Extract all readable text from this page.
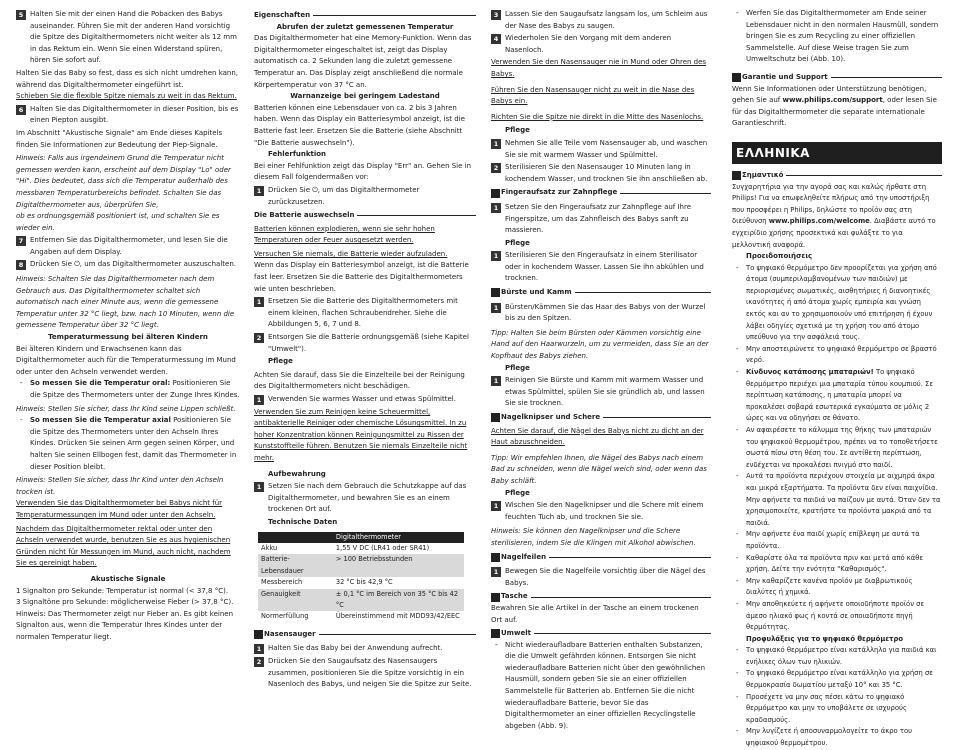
5 Halten Sie mit der einen Hand die Pobacken des Babys auseinander. Führen Sie mit der anderen Hand vorsichtig die Spitze des Digitalthermometers nicht weiter als 12 mm in das Rektum ein. Wenn Sie einen Widerstand spüren, hören Sie sofort auf.
Halten Sie das Baby so fest, dass es sich nicht umdrehen kann, während das Digitalthermometer eingeführt ist.
Schieben Sie die flexible Spitze niemals zu weit in das Rektum.
6 Halten Sie das Digitalthermometer in dieser Position, bis es einen Piepton ausgibt.
Im Abschnitt "Akustische Signale" am Ende dieses Kapitels finden Sie Informationen zur Bedeutung der Piep-Signale.
Hinweis: Falls aus irgendeinem Grund die Temperatur nicht gemessen werden kann, erscheint auf dem Display "Lo" oder "Hi". Dies bedeutet, dass sich die Temperatur außerhalb des messbaren Temperaturbereichs befindet. Schalten Sie das Digitalthermometer aus, überprüfen Sie,
ob es ordnungsgemäß positioniert ist, und schalten Sie es wieder ein.
7 Entfernen Sie das Digitalthermometer, und lesen Sie die Angaben auf dem Display.
8 Drücken Sie ⏻, um das Digitalthermometer auszuschalten.
Hinweis: Schalten Sie das Digitalthermometer nach dem Gebrauch aus. Das Digitalthermometer schaltet sich automatisch nach einer Minute aus, wenn die gemessene Temperatur unter 32 °C liegt, bzw. nach 10 Minuten, wenn die gemessene Temperatur über 32 °C liegt.
Temperaturmessung bei älteren Kindern
Bei älteren Kindern und Erwachsenen kann das Digitalthermometer auch für die Temperaturmessung im Mund oder unter den Achseln verwendet werden.
-	So messen Sie die Temperatur oral: Positionieren Sie die Spitze des Thermometers unter der Zunge Ihres Kindes.
Hinweis: Stellen Sie sicher, dass Ihr Kind seine Lippen schließt.
-	So messen Sie die Temperatur axial Positionieren Sie die Spitze des Thermometers unter den Achseln Ihres Kindes. Drücken Sie seinen Arm gegen seinen Körper, und halten Sie seinen Ellbogen fest, damit das Thermometer in dieser Position bleibt.
Hinweis: Stellen Sie sicher, dass Ihr Kind unter den Achseln trocken ist.
Verwenden Sie das Digitalthermometer bei Babys nicht für Temperaturmessungen im Mund oder unter den Achseln.
Nachdem das Digitalthermometer rektal oder unter den Achseln verwendet wurde, benutzen Sie es aus hygienischen Gründen nicht für Messungen im Mund, auch nicht, nachdem Sie es gereinigt haben.
Akustische Signale
1 Signalton pro Sekunde: Temperatur ist normal (< 37,8 °C).
3 Signaltöne pro Sekunde: möglicherweise Fieber (> 37,8 °C).
Hinweis: Das Thermometer zeigt nur Fieber an. Es gibt keinen Signalton aus, wenn die Temperatur Ihres Kindes unter der normalen Temperatur liegt.
Eigenschaften
Abrufen der zuletzt gemessenen Temperatur
Das Digitalthermometer hat eine Memory-Funktion. Wenn das Digitalthermometer eingeschaltet ist, zeigt das Display automatisch ca. 2 Sekunden lang die zuletzt gemessene Temperatur an. Das Display zeigt anschließend die normale Körpertemperatur von 37 °C an.
Warnanzeige bei geringem Ladestand
Batterien können eine Lebensdauer von ca. 2 bis 3 Jahren haben. Wenn das Display ein Batteriesymbol anzeigt, ist die Batterie fast leer. Ersetzen Sie die Batterie (siehe Abschnitt "Die Batterie auswechseln").
Fehlerfunktion
Bei einer Fehlfunktion zeigt das Display "Err" an. Gehen Sie in diesem Fall folgendermaßen vor:
1 Drücken Sie ⏻, um das Digitalthermometer zurückzusetzen.
Die Batterie auswechseln
Batterien können explodieren, wenn sie sehr hohen Temperaturen oder Feuer ausgesetzt werden.
Versuchen Sie niemals, die Batterie wieder aufzuladen.
Wenn das Display ein Batteriesymbol anzeigt, ist die Batterie fast leer. Ersetzen Sie die Batterie des Digitalthermometers wie unten beschrieben.
1 Ersetzen Sie die Batterie des Digitalthermometers mit einem kleinen, flachen Schraubendreher. Siehe die Abbildungen 5, 6, 7 und 8.
2 Entsorgen Sie die Batterie ordnungsgemäß (siehe Kapitel "Umwelt").
Pflege
Achten Sie darauf, dass Sie die Einzelteile bei der Reinigung des Digitalthermometers nicht beschädigen.
1 Verwenden Sie warmes Wasser und etwas Spülmittel.
Verwenden Sie zum Reinigen keine Scheuermittel, antibakterielle Reiniger oder chemische Lösungsmittel. In zu hoher Konzentration können Reinigungsmittel zu Rissen der Kunststoffteile führen. Benutzen Sie niemals Einzelteile nicht mehr.
Aufbewahrung
1 Setzen Sie nach dem Gebrauch die Schutzkappe auf das Digitalthermometer, und bewahren Sie es an einem trockenen Ort auf.
Technische Daten
	Digitalthermometer
Akku	1,55 V DC (LR41 oder SR41)
Batterie-Lebensdauer	> 100 Betriebsstunden
Messbereich	32 °C bis 42,9 °C
Genauigkeit	± 0,1 °C im Bereich von 35 °C bis 42 °C
Normerfüllung	Übereinstimmend mit MDD93/42/EEC
Nasensauger
1 Halten Sie das Baby bei der Anwendung aufrecht.
2 Drücken Sie den Saugaufsatz des Nasensaugers zusammen, positionieren Sie die Spitze vorsichtig in ein Nasenloch des Babys, und neigen Sie die Spitze zur Seite.
3 Lassen Sie den Saugaufsatz langsam los, um Schleim aus der Nase des Babys zu saugen.
4 Wiederholen Sie den Vorgang mit dem anderen Nasenloch.
Verwenden Sie den Nasensauger nie in Mund oder Ohren des Babys.
Führen Sie den Nasensauger nicht zu weit in die Nase des Babys ein.
Richten Sie die Spitze nie direkt in die Mitte des Nasenlochs.
Pflege
1 Nehmen Sie alle Teile vom Nasensauger ab, und waschen Sie sie mit warmem Wasser und Spülmittel.
2 Sterilisieren Sie den Nasensauger 10 Minuten lang in kochendem Wasser, und trocknen Sie ihn anschließen ab.
Fingeraufsatz zur Zahnpflege
1 Setzen Sie den Fingeraufsatz zur Zahnpflege auf Ihre Fingerspitze, um das Zahnfleisch des Babys sanft zu massieren.
Pflege
1 Sterilisieren Sie den Fingeraufsatz in einem Sterilisator oder in kochendem Wasser. Lassen Sie ihn abkühlen und trocknen.
Bürste und Kamm
1 Bürsten/Kämmen Sie das Haar des Babys von der Wurzel bis zu den Spitzen.
Tipp: Halten Sie beim Bürsten oder Kämmen vorsichtig eine Hand auf den Haarwurzeln, um zu vermeiden, dass Sie an der Kopfhaut des Babys ziehen.
Pflege
1 Reinigen Sie Bürste und Kamm mit warmem Wasser und etwas Spülmittel, spülen Sie sie gründlich ab, und lassen Sie sie trocknen.
Nagelknipser und Schere
Achten Sie darauf, die Nägel des Babys nicht zu dicht an der Haut abzuschneiden.
Tipp: Wir empfehlen Ihnen, die Nägel des Babys nach einem Bad zu schneiden, wenn die Nägel weich sind, oder wenn das Baby schläft.
Pflege
1 Wischen Sie den Nagelknipser und die Schere mit einem feuchten Tuch ab, und trocknen Sie sie.
Hinweis: Sie können den Nagelknipser und die Schere sterilisieren, indem Sie die Klingen mit Alkohol abwischen.
Nagelfeilen
1 Bewegen Sie die Nagelfeile vorsichtig über die Nägel des Babys.
Tasche
Bewahren Sie alle Artikel in der Tasche an einem trockenen Ort auf.
Umwelt
-	Nicht wiederaufladbare Batterien enthalten Substanzen, die die Umwelt gefährden können. Entsorgen Sie nicht wiederaufladbare Batterien nicht über den gewöhnlichen Hausmüll, sondern geben Sie sie an einer offiziellen Sammelstelle für Batterien ab. Entfernen Sie die nicht wiederaufladbare Batterie, bevor Sie das Digitalthermometer an einer offiziellen Recyclingstelle abgeben (Abb. 9).
-	Werfen Sie das Digitalthermometer am Ende seiner Lebensdauer nicht in den normalen Hausmüll, sondern bringen Sie es zum Recycling zu einer offiziellen Sammelstelle. Auf diese Weise tragen Sie zum Umweltschutz bei (Abb. 10).
Garantie und Support
Wenn Sie Informationen oder Unterstützung benötigen, gehen Sie auf www.philips.com/support, oder lesen Sie für das Digitalthermometer die separate internationale Garantieschrift.
ΕΛΛΗΝΙΚΑ
Σημαντικό
Συγχαρητήρια για την αγορά σας και καλώς ήρθατε στη Philips! Για να επωφεληθείτε πλήρως από την υποστήριξη που προσφέρει η Philips, δηλώστε το προϊόν σας στη διεύθυνση www.philips.com/welcome. Διαβάστε αυτό το εγχειρίδιο χρήσης προσεκτικά και φυλάξτε το για μελλοντική αναφορά.
Προειδοποιήσεις
-	Το ψηφιακό θερμόμετρο δεν προορίζεται για χρήση από άτομα (συμπεριλαμβανομένων των παιδιών) με περιορισμένες σωματικές, αισθητήριες ή διανοητικές ικανότητες ή από άτομα χωρίς εμπειρία και γνώση εκτός και αν το χρησιμοποιούν υπό επιτήρηση ή έχουν λάβει οδηγίες σχετικά με τη χρήση του από άτομο υπεύθυνο για την ασφάλειά τους.
-	Μην αποστειρώνετε το ψηφιακό θερμόμετρο σε βραστό νερό.
-	Κίνδυνος κατάποσης μπαταριών! Το ψηφιακό θερμόμετρο περιέχει μια μπαταρία τύπου κουμπιού. Σε περίπτωση κατάποσης, η μπαταρία μπορεί να προκαλέσει σοβαρά εσωτερικά εγκαύματα σε μόλις 2 ώρες και να οδηγήσει σε θάνατο.
-	Αν αφαιρέσετε το κάλυμμα της θήκης των μπαταριών του ψηφιακού θερμομέτρου, πρέπει να το τοποθετήσετε σωστά πίσω στη θέση του. Σε αντίθετη περίπτωση, ενδέχεται να προκαλέσει πνιγμό στο παιδί.
-	Αυτά τα προϊόντα περιέχουν στοιχεία με αιχμηρά άκρα και μικρά εξαρτήματα. Τα προϊόντα δεν είναι παιχνίδια. Μην αφήνετε τα παιδιά να παίζουν με αυτά. Όταν δεν τα χρησιμοποιείτε, κρατήστε τα προϊόντα μακριά από τα παιδιά.
-	Μην αφήνετε ένα παιδί χωρίς επίβλεψη με αυτά τα προϊόντα.
-	Καθαρίστε όλα τα προϊόντα πριν και μετά από κάθε χρήση. Δείτε την ενότητα "Καθαρισμός".
-	Μην καθαρίζετε κανένα προϊόν με διαβρωτικούς διαλύτες ή χημικά.
-	Μην αποθηκεύετε ή αφήνετε οποιοδήποτε προϊόν σε άμεσο ηλιακό φως ή κοντά σε οποιαδήποτε πηγή θερμότητας.
Προφυλάξεις για το ψηφιακό θερμόμετρο
-	Το ψηφιακό θερμόμετρο είναι κατάλληλο για παιδιά και ενήλικες όλων των ηλικιών.
-	Το ψηφιακό θερμόμετρο είναι κατάλληλο για χρήση σε θερμοκρασία δωματίου μεταξύ 10° και 35 °C.
-	Προσέχετε να μην σας πέσει κάτω το ψηφιακό θερμόμετρο και μην το υποβάλετε σε ισχυρούς κραδασμούς.
-	Μην λυγίζετε ή αποσυναρμολογείτε το άκρο του ψηφιακού θερμομέτρου.
